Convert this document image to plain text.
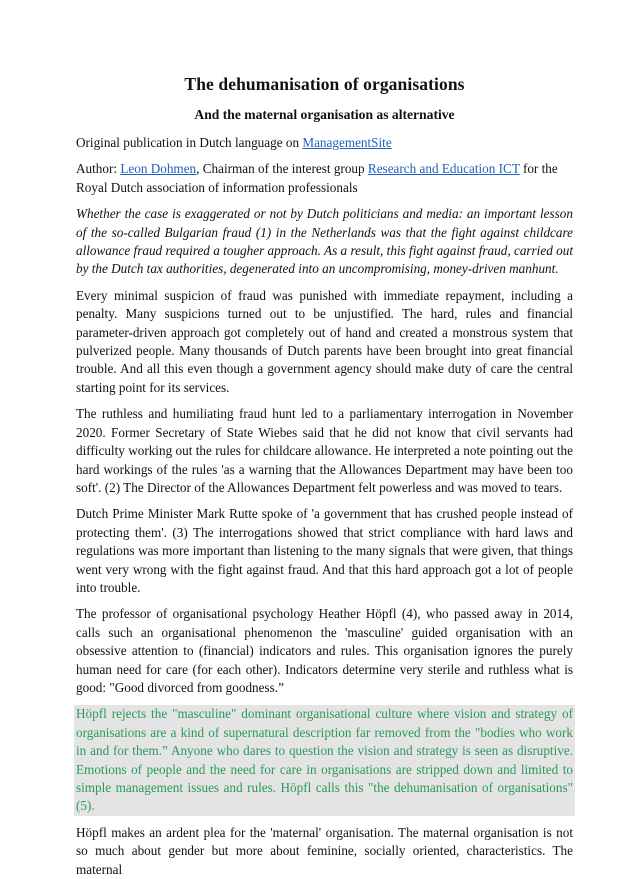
The dehumanisation of organisations
And the maternal organisation as alternative

Original publication in Dutch language on ManagementSite

Author: Leon Dohmen, Chairman of the interest group Research and Education ICT for the Royal Dutch association of information professionals

Whether the case is exaggerated or not by Dutch politicians and media: an important lesson of the so-called Bulgarian fraud (1) in the Netherlands was that the fight against childcare allowance fraud required a tougher approach. As a result, this fight against fraud, carried out by the Dutch tax authorities, degenerated into an uncompromising, money-driven manhunt.

Every minimal suspicion of fraud was punished with immediate repayment, including a penalty. Many suspicions turned out to be unjustified. The hard, rules and financial parameter-driven approach got completely out of hand and created a monstrous system that pulverized people. Many thousands of Dutch parents have been brought into great financial trouble. And all this even though a government agency should make duty of care the central starting point for its services.

The ruthless and humiliating fraud hunt led to a parliamentary interrogation in November 2020. Former Secretary of State Wiebes said that he did not know that civil servants had difficulty working out the rules for childcare allowance. He interpreted a note pointing out the hard workings of the rules 'as a warning that the Allowances Department may have been too soft'. (2) The Director of the Allowances Department felt powerless and was moved to tears.

Dutch Prime Minister Mark Rutte spoke of 'a government that has crushed people instead of protecting them'. (3) The interrogations showed that strict compliance with hard laws and regulations was more important than listening to the many signals that were given, that things went very wrong with the fight against fraud. And that this hard approach got a lot of people into trouble.

The professor of organisational psychology Heather Höpfl (4), who passed away in 2014, calls such an organisational phenomenon the 'masculine' guided organisation with an obsessive attention to (financial) indicators and rules. This organisation ignores the purely human need for care (for each other). Indicators determine very sterile and ruthless what is good: "Good divorced from goodness.”

Höpfl rejects the "masculine" dominant organisational culture where vision and strategy of organisations are a kind of supernatural description far removed from the "bodies who work in and for them.” Anyone who dares to question the vision and strategy is seen as disruptive. Emotions of people and the need for care in organisations are stripped down and limited to simple management issues and rules. Höpfl calls this "the dehumanisation of organisations" (5).

Höpfl makes an ardent plea for the 'maternal' organisation. The maternal organisation is not so much about gender but more about feminine, socially oriented, characteristics. The maternal
